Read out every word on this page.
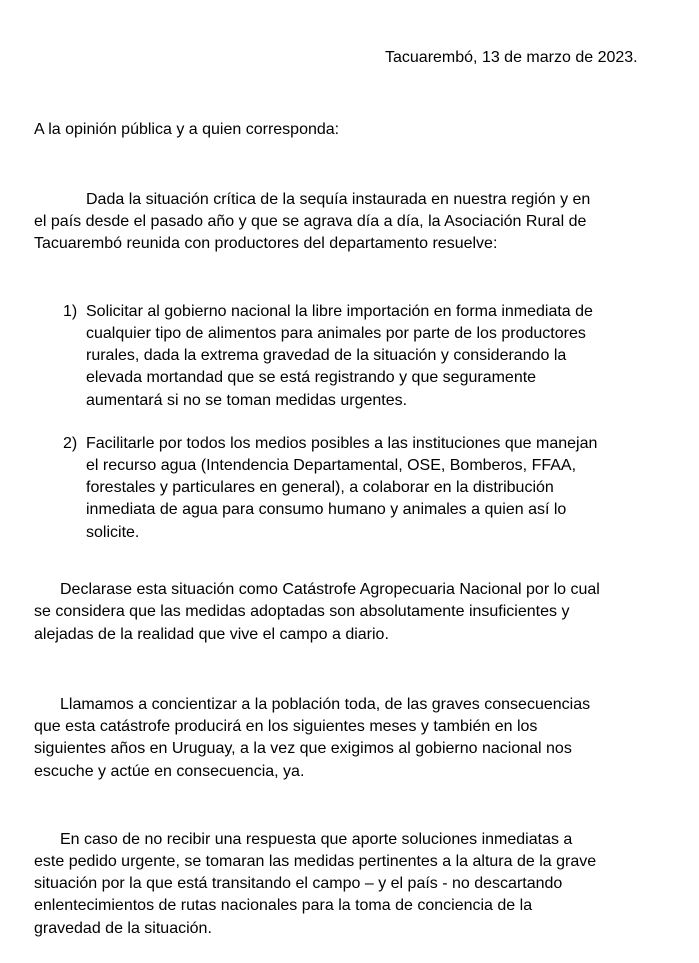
Tacuarembó, 13 de marzo de 2023.
A la opinión pública y a quien corresponda:
Dada la situación crítica de la sequía instaurada en nuestra región y en
el país desde el pasado año y que se agrava día a día, la Asociación Rural de
Tacuarembó reunida con productores del departamento resuelve:
1) Solicitar al gobierno nacional la libre importación en forma inmediata de
cualquier tipo de alimentos para animales por parte de los productores
rurales, dada la extrema gravedad de la situación y considerando la
elevada mortandad que se está registrando y que seguramente
aumentará si no se toman medidas urgentes.
2) Facilitarle por todos los medios posibles a las instituciones que manejan
el recurso agua (Intendencia Departamental, OSE, Bomberos, FFAA,
forestales y particulares en general), a colaborar en la distribución
inmediata de agua para consumo humano y animales a quien así lo
solicite.
Declarase esta situación como Catástrofe Agropecuaria Nacional por lo cual
se considera que las medidas adoptadas son absolutamente insuficientes y
alejadas de la realidad que vive el campo a diario.
Llamamos a concientizar a la población toda, de las graves consecuencias
que esta catástrofe producirá en los siguientes meses y también en los
siguientes años en Uruguay, a la vez que exigimos al gobierno nacional nos
escuche y actúe en consecuencia, ya.
En caso de no recibir una respuesta que aporte soluciones inmediatas a
este pedido urgente, se tomaran las medidas pertinentes a la altura de la grave
situación por la que está transitando el campo – y el país - no descartando
enlentecimientos de rutas nacionales para la toma de conciencia de la
gravedad de la situación.
